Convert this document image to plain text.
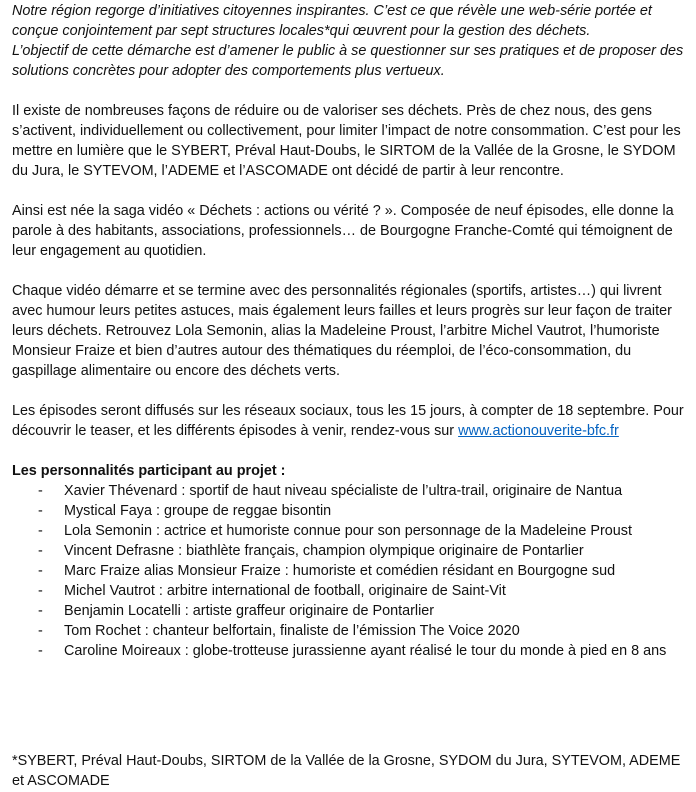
Notre région regorge d’initiatives citoyennes inspirantes. C’est ce que révèle une web-série portée et conçue conjointement par sept structures locales*qui œuvrent pour la gestion des déchets.

L’objectif de cette démarche est d’amener le public à se questionner sur ses pratiques et de proposer des solutions concrètes pour adopter des comportements plus vertueux.

Il existe de nombreuses façons de réduire ou de valoriser ses déchets. Près de chez nous, des gens s’activent, individuellement ou collectivement, pour limiter l’impact de notre consommation. C’est pour les mettre en lumière que le SYBERT, Préval Haut-Doubs, le SIRTOM de la Vallée de la Grosne, le SYDOM du Jura, le SYTEVOM, l’ADEME et l’ASCOMADE ont décidé de partir à leur rencontre.

Ainsi est née la saga vidéo « Déchets : actions ou vérité ? ». Composée de neuf épisodes, elle donne la parole à des habitants, associations, professionnels… de Bourgogne Franche-Comté qui témoignent de leur engagement au quotidien.

Chaque vidéo démarre et se termine avec des personnalités régionales (sportifs, artistes…) qui livrent avec humour leurs petites astuces, mais également leurs failles et leurs progrès sur leur façon de traiter leurs déchets. Retrouvez Lola Semonin, alias la Madeleine Proust, l’arbitre Michel Vautrot, l’humoriste Monsieur Fraize et bien d’autres autour des thématiques du réemploi, de l’éco-consommation, du gaspillage alimentaire ou encore des déchets verts.

Les épisodes seront diffusés sur les réseaux sociaux, tous les 15 jours, à compter de 18 septembre. Pour découvrir le teaser, et les différents épisodes à venir, rendez-vous sur www.actionouverite-bfc.fr

Les personnalités participant au projet :

- Xavier Thévenard : sportif de haut niveau spécialiste de l’ultra-trail, originaire de Nantua
- Mystical Faya : groupe de reggae bisontin
- Lola Semonin : actrice et humoriste connue pour son personnage de la Madeleine Proust
- Vincent Defrasne : biathlète français, champion olympique originaire de Pontarlier
- Marc Fraize alias Monsieur Fraize : humoriste et comédien résidant en Bourgogne sud
- Michel Vautrot : arbitre international de football, originaire de Saint-Vit
- Benjamin Locatelli : artiste graffeur originaire de Pontarlier
- Tom Rochet : chanteur belfortain, finaliste de l’émission The Voice 2020
- Caroline Moireaux : globe-trotteuse jurassienne ayant réalisé le tour du monde à pied en 8 ans

*SYBERT, Préval Haut-Doubs, SIRTOM de la Vallée de la Grosne, SYDOM du Jura, SYTEVOM, ADEME et ASCOMADE
